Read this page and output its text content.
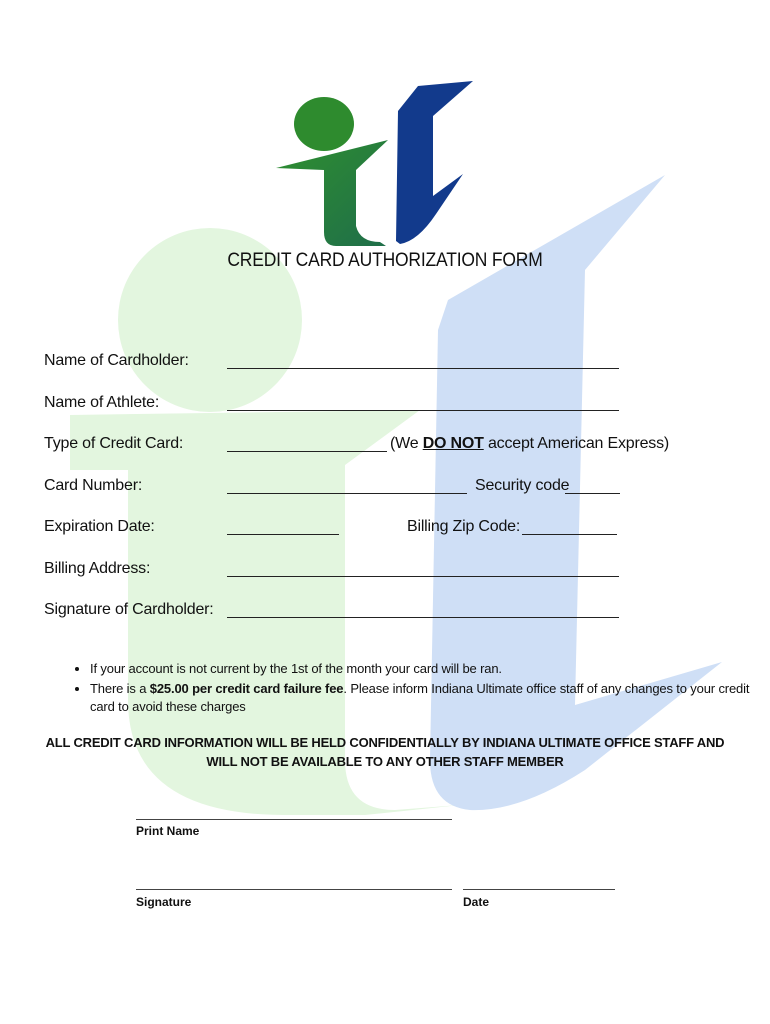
CREDIT CARD AUTHORIZATION FORM
Name of Cardholder:
Name of Athlete:
Type of Credit Card:	(We DO NOT accept American Express)
Card Number:	Security code
Expiration Date:	Billing Zip Code:
Billing Address:
Signature of Cardholder:
• If your account is not current by the 1st of the month your card will be ran.
• There is a $25.00 per credit card failure fee. Please inform Indiana Ultimate office staff of any changes to your credit card to avoid these charges
ALL CREDIT CARD INFORMATION WILL BE HELD CONFIDENTIALLY BY INDIANA ULTIMATE OFFICE STAFF AND
WILL NOT BE AVAILABLE TO ANY OTHER STAFF MEMBER
Print Name
Signature	Date
